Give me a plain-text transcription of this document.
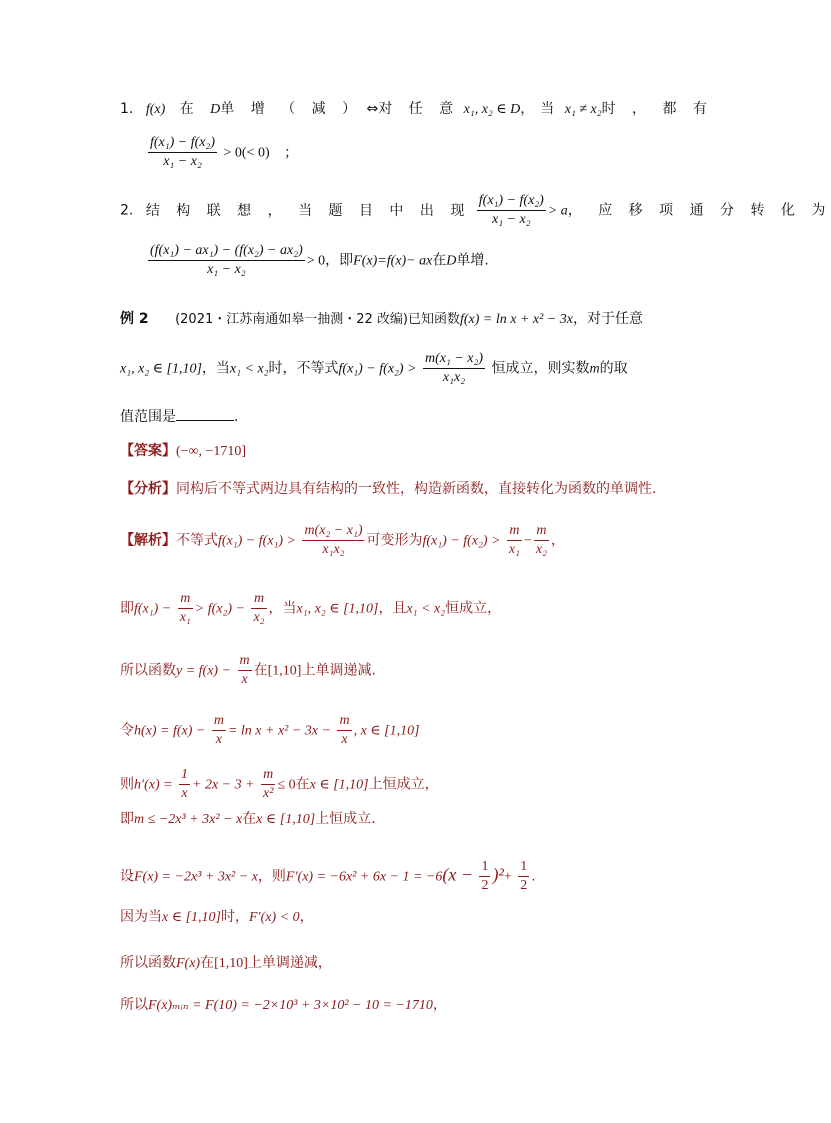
1. f(x) 在 D单 增 （ 减 ） ⇔对 任 意 x₁, x₂ ∈ D，当 x₁ ≠ x₂时 ， 都 有
$\frac{\text{f(x₁) − f(x₂)}}{\text{x₁ − x₂}} > 0(< 0)$ ；
2. 结 构 联 想 ， 当 题 目 中 出 现 $\frac{\text{f(x₁) − f(x₂)}}{\text{x₁ − x₂}} > a$， 应 移 项 通 分 转 化 为
$\frac{\text{(f(x₁) − ax₁) − (f(x₂) − ax₂)}}{\text{x₁ − x₂}} > 0$，即F(x)=f(x)− ax在D单增.
例 2 (2021・江苏南通如皋一抽测・22 改编)已知函数f(x) = ln x + x² − 3x，对于任意
x₁, x₂ ∈ [1,10]，当x₁ < x₂时，不等式$f(x_1) - f(x_2) > \frac{\text{m(x₁ − x₂)}}{\text{x₁x₂}}$ 恒成立，则实数m的取
值范围是	.
【答案】(−∞, −1710]
【分析】同构后不等式两边具有结构的一致性，构造新函数，直接转化为函数的单调性.
【解析】不等式$f(x_1) - f(x_1) > \frac{\text{m(x₂ − x₁)}}{\text{x₁x₂}}$ 可变形为$f(x_1) - f(x_2) > \frac{m}{\text{x₁}} - \frac{m}{\text{x₂}}$ ，
即$f(x_1) - \frac{m}{\text{x₁}} > f(x_2) - \frac{m}{\text{x₂}}$ ，当x₁, x₂ ∈ [1,10]，且x₁ < x₂恒成立，
所以函数$y = f(x) - \frac{m}{x}$ 在[1,10]上单调递减.
令$h(x) = f(x) - \frac{m}{x} = \ln x + x^2 - 3x - \frac{m}{x}$ , x ∈ [1,10]
则$h'(x) = \frac{1}{x} + 2x - 3 + \frac{m}{\text{x²}} \le 0$在x ∈ [1,10]上恒成立，
即m ≤ −2x³ + 3x² − x在x ∈ [1,10]上恒成立.
设F(x) = −2x³ + 3x² − x，则$F'(x) = -6x^2 + 6x - 1 = -6(x - \frac{1}{2} )^2+ \frac{1}{2}$ .
因为当x ∈ [1,10]时，F′(x) < 0，
所以函数F(x)在[1,10]上单调递减，
所以F(x)ₘᵢₙ = F(10) = −2×10³ + 3×10² − 10 = −1710，
